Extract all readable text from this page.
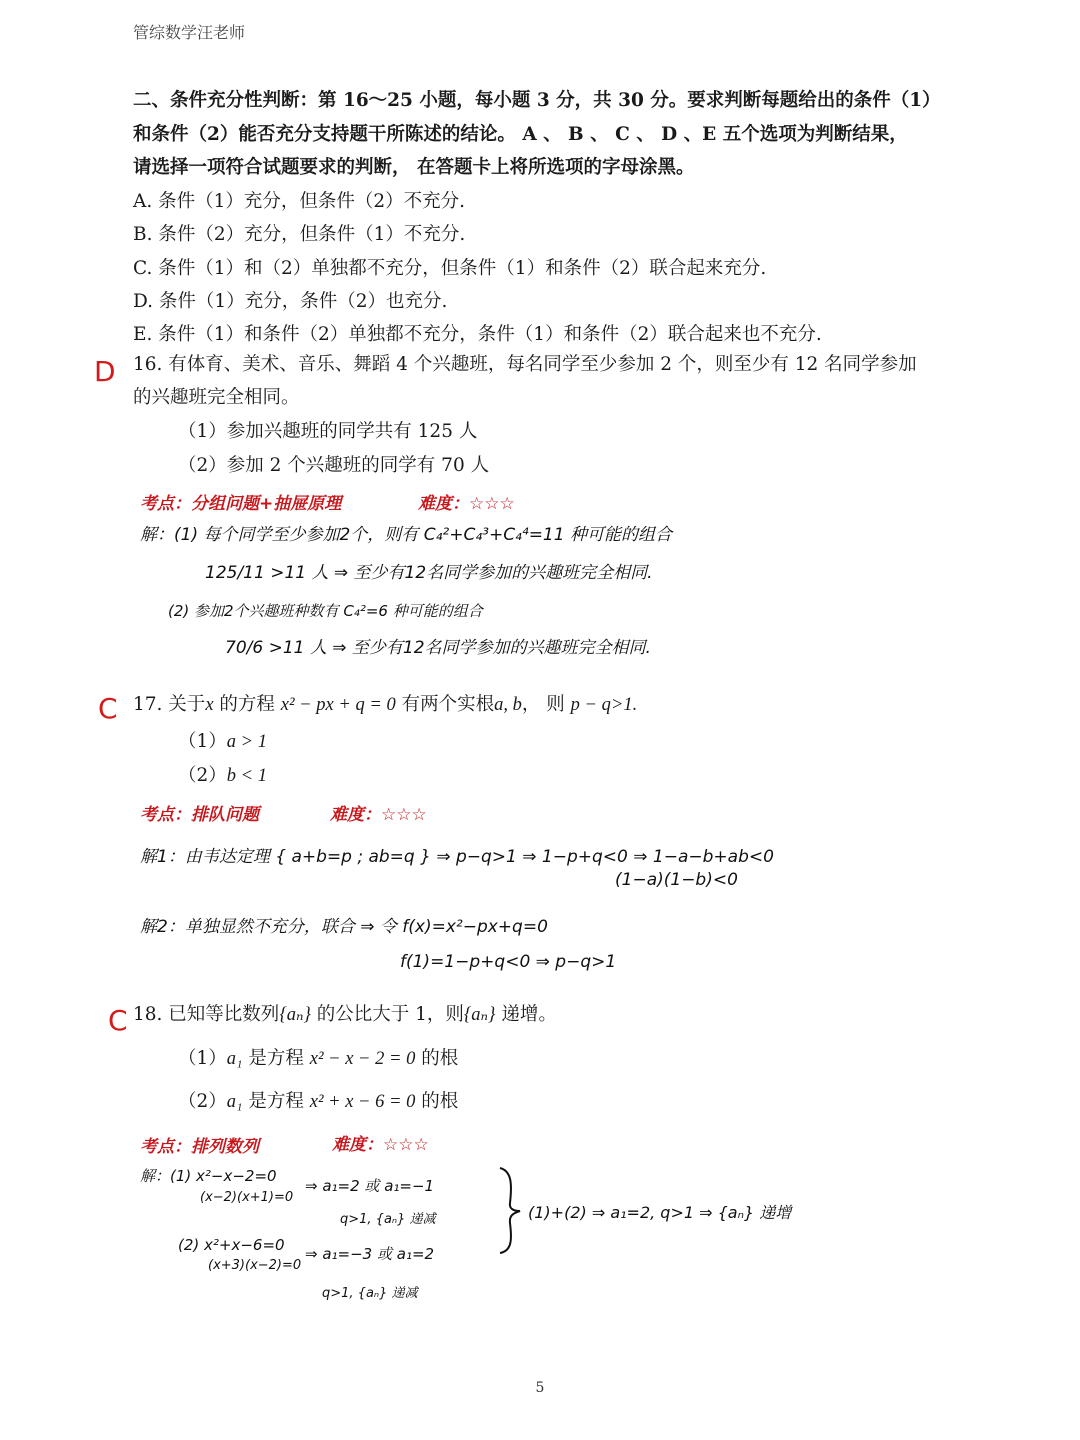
管综数学汪老师
二、条件充分性判断：第 16～25 小题，每小题 3 分，共 30 分。要求判断每题给出的条件（1）
和条件（2）能否充分支持题干所陈述的结论。 A 、 B 、 C 、 D 、E 五个选项为判断结果，
请选择一项符合试题要求的判断， 在答题卡上将所选项的字母涂黑。
A. 条件（1）充分，但条件（2）不充分.
B. 条件（2）充分，但条件（1）不充分.
C. 条件（1）和（2）单独都不充分，但条件（1）和条件（2）联合起来充分.
D. 条件（1）充分，条件（2）也充分.
E. 条件（1）和条件（2）单独都不充分，条件（1）和条件（2）联合起来也不充分.
D 16. 有体育、美术、音乐、舞蹈 4 个兴趣班，每名同学至少参加 2 个，则至少有 12 名同学参加
的兴趣班完全相同。
（1）参加兴趣班的同学共有 125 人
（2）参加 2 个兴趣班的同学有 70 人
考点：分组问题+抽屉原理	难度：☆☆☆
解：(1) 每个同学至少参加2个，则有 C₄²+C₄³+C₄⁴=11 种可能的组合
125/11 >11 人 ⇒ 至少有12名同学参加的兴趣班完全相同.
(2) 参加2个兴趣班种数有 C₄²=6 种可能的组合
70/6 >11 人 ⇒ 至少有12名同学参加的兴趣班完全相同.
C 17. 关于x 的方程 x² − px + q = 0 有两个实根a, b， 则 p − q>1.
（1）a > 1
（2）b < 1
考点：排队问题	难度：☆☆☆
解1：由韦达定理 { a+b=p ; ab=q } ⇒ p−q>1 ⇒ 1−p+q<0 ⇒ 1−a−b+ab<0
(1−a)(1−b)<0
解2：单独显然不充分，联合 ⇒ 令 f(x)=x²−px+q=0
f(1)=1−p+q<0 ⇒ p−q>1
C 18. 已知等比数列{aₙ} 的公比大于 1，则{aₙ} 递增。
（1）a₁ 是方程 x² − x − 2 = 0 的根
（2）a₁ 是方程 x² + x − 6 = 0 的根
考点：排列数列	难度：☆☆☆
解：(1) x²−x−2=0
(x−2)(x+1)=0
⇒ a₁=2 或 a₁=−1
q>1, {aₙ} 递减
(2) x²+x−6=0
(x+3)(x−2)=0
⇒ a₁=−3 或 a₁=2
q>1, {aₙ} 递减
(1)+(2) ⇒ a₁=2, q>1 ⇒ {aₙ} 递增
5
